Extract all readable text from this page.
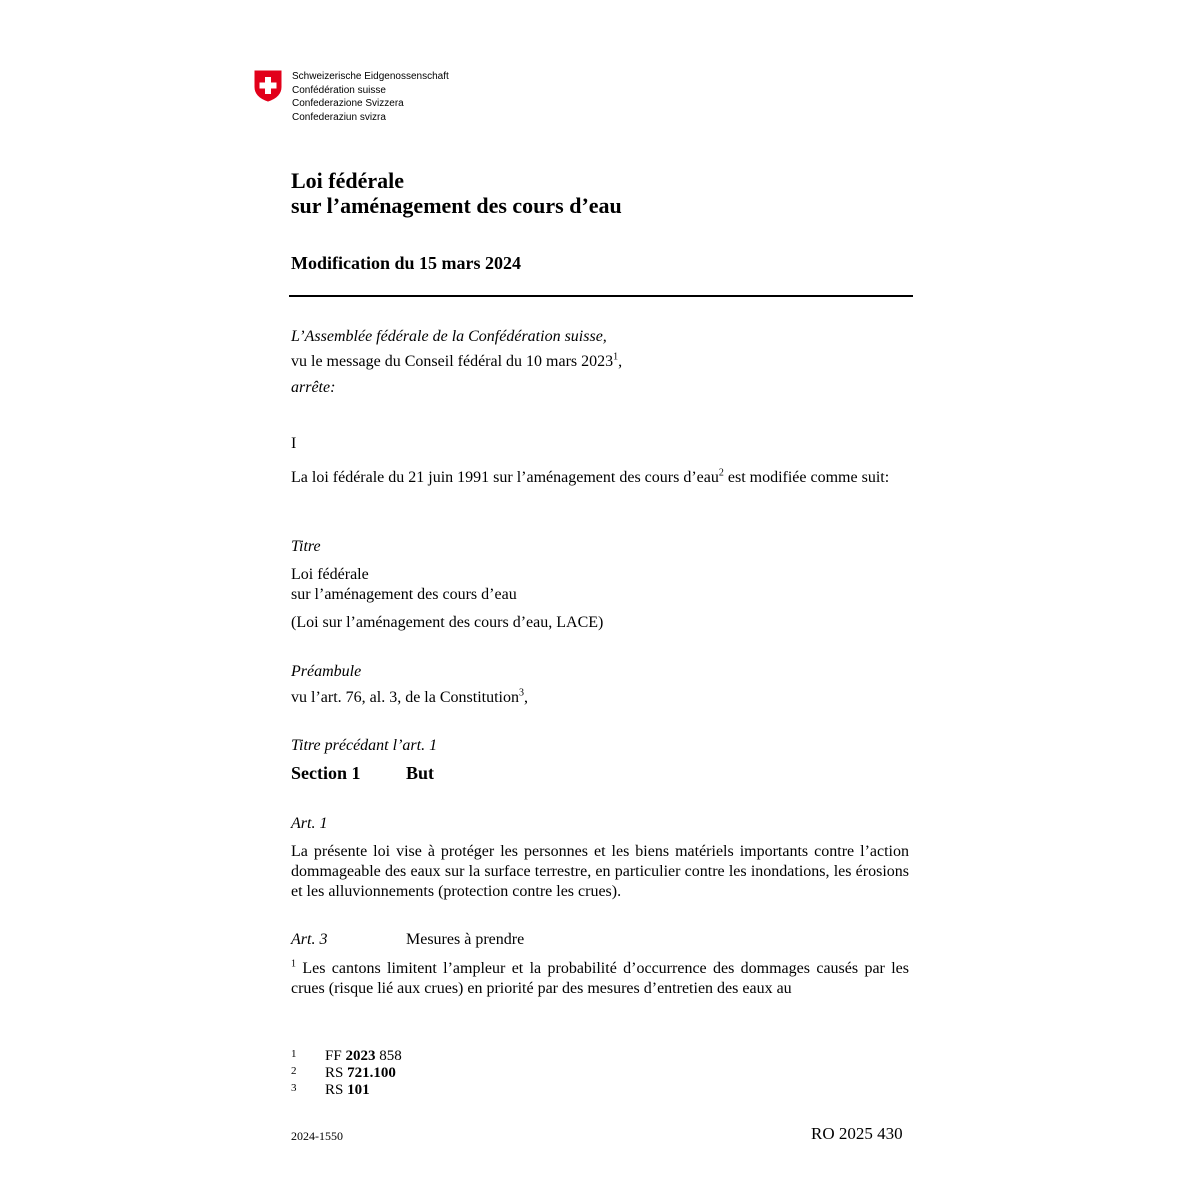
Schweizerische Eidgenossenschaft
Confédération suisse
Confederazione Svizzera
Confederaziun svizra
Loi fédérale
sur l’aménagement des cours d’eau
Modification du 15 mars 2024
L’Assemblée fédérale de la Confédération suisse,
vu le message du Conseil fédéral du 10 mars 2023$^1$,
arrête:
I
La loi fédérale du 21 juin 1991 sur l’aménagement des cours d’eau$^2$ est modifiée comme suit:
Titre
Loi fédérale
sur l’aménagement des cours d’eau
(Loi sur l’aménagement des cours d’eau, LACE)
Préambule
vu l’art. 76, al. 3, de la Constitution$^3$,
Titre précédant l’art. 1
Section 1	But
Art. 1
La présente loi vise à protéger les personnes et les biens matériels importants contre l’action dommageable des eaux sur la surface terrestre, en particulier contre les inondations, les érosions et les alluvionnements (protection contre les crues).
Art. 3	Mesures à prendre
$^1$ Les cantons limitent l’ampleur et la probabilité d’occurrence des dommages causés par les crues (risque lié aux crues) en priorité par des mesures d’entretien des eaux au
1 FF 2023 858
2 RS 721.100
3 RS 101
2024-1550	RO 2025 430
